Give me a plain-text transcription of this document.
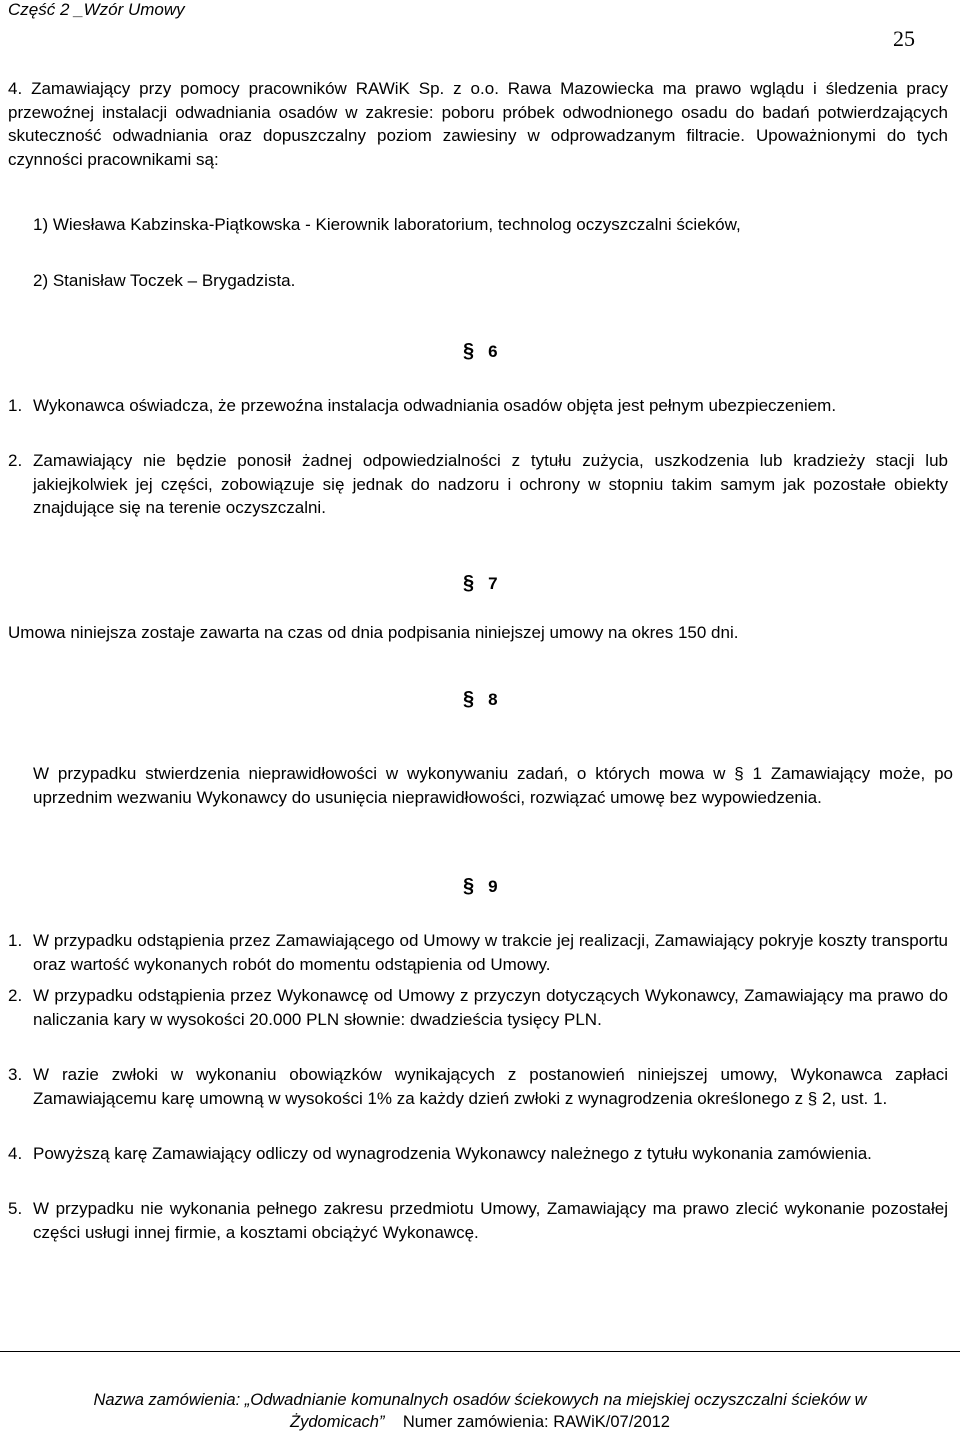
Część 2 _Wzór Umowy
25
4. Zamawiający przy pomocy pracowników RAWiK Sp. z o.o. Rawa Mazowiecka ma prawo wglądu i śledzenia pracy przewoźnej instalacji odwadniania osadów w zakresie: poboru próbek odwodnionego osadu do badań potwierdzających skuteczność odwadniania oraz dopuszczalny poziom zawiesiny w odprowadzanym filtracie. Upoważnionymi do tych czynności pracownikami są:
1) Wiesława Kabzinska-Piątkowska - Kierownik laboratorium, technolog oczyszczalni ścieków,
2) Stanisław Toczek – Brygadzista.
§ 6
1. Wykonawca oświadcza, że przewoźna instalacja odwadniania osadów objęta jest pełnym ubezpieczeniem.
2. Zamawiający nie będzie ponosił żadnej odpowiedzialności z tytułu zużycia, uszkodzenia lub kradzieży stacji lub jakiejkolwiek jej części, zobowiązuje się jednak do nadzoru i ochrony w stopniu takim samym jak pozostałe obiekty znajdujące się na terenie oczyszczalni.
§ 7
Umowa niniejsza zostaje zawarta na czas od dnia podpisania niniejszej umowy na okres 150 dni.
§ 8
W przypadku stwierdzenia nieprawidłowości w wykonywaniu zadań, o których mowa w § 1 Zamawiający może, po uprzednim wezwaniu Wykonawcy do usunięcia nieprawidłowości, rozwiązać umowę bez wypowiedzenia.
§ 9
1. W przypadku odstąpienia przez Zamawiającego od Umowy w trakcie jej realizacji, Zamawiający pokryje koszty transportu oraz wartość wykonanych robót do momentu odstąpienia od Umowy.
2. W przypadku odstąpienia przez Wykonawcę od Umowy z przyczyn dotyczących Wykonawcy, Zamawiający ma prawo do naliczania kary w wysokości 20.000 PLN słownie: dwadzieścia tysięcy PLN.
3. W razie zwłoki w wykonaniu obowiązków wynikających z postanowień niniejszej umowy, Wykonawca zapłaci Zamawiającemu karę umowną w wysokości 1% za każdy dzień zwłoki z wynagrodzenia określonego z § 2, ust. 1.
4. Powyższą karę Zamawiający odliczy od wynagrodzenia Wykonawcy należnego z tytułu wykonania zamówienia.
5. W przypadku nie wykonania pełnego zakresu przedmiotu Umowy, Zamawiający ma prawo zlecić wykonanie pozostałej części usługi innej firmie, a kosztami obciążyć Wykonawcę.
Nazwa zamówienia: „Odwadnianie komunalnych osadów ściekowych na miejskiej oczyszczalni ścieków w
Żydomicach” Numer zamówienia: RAWiK/07/2012
